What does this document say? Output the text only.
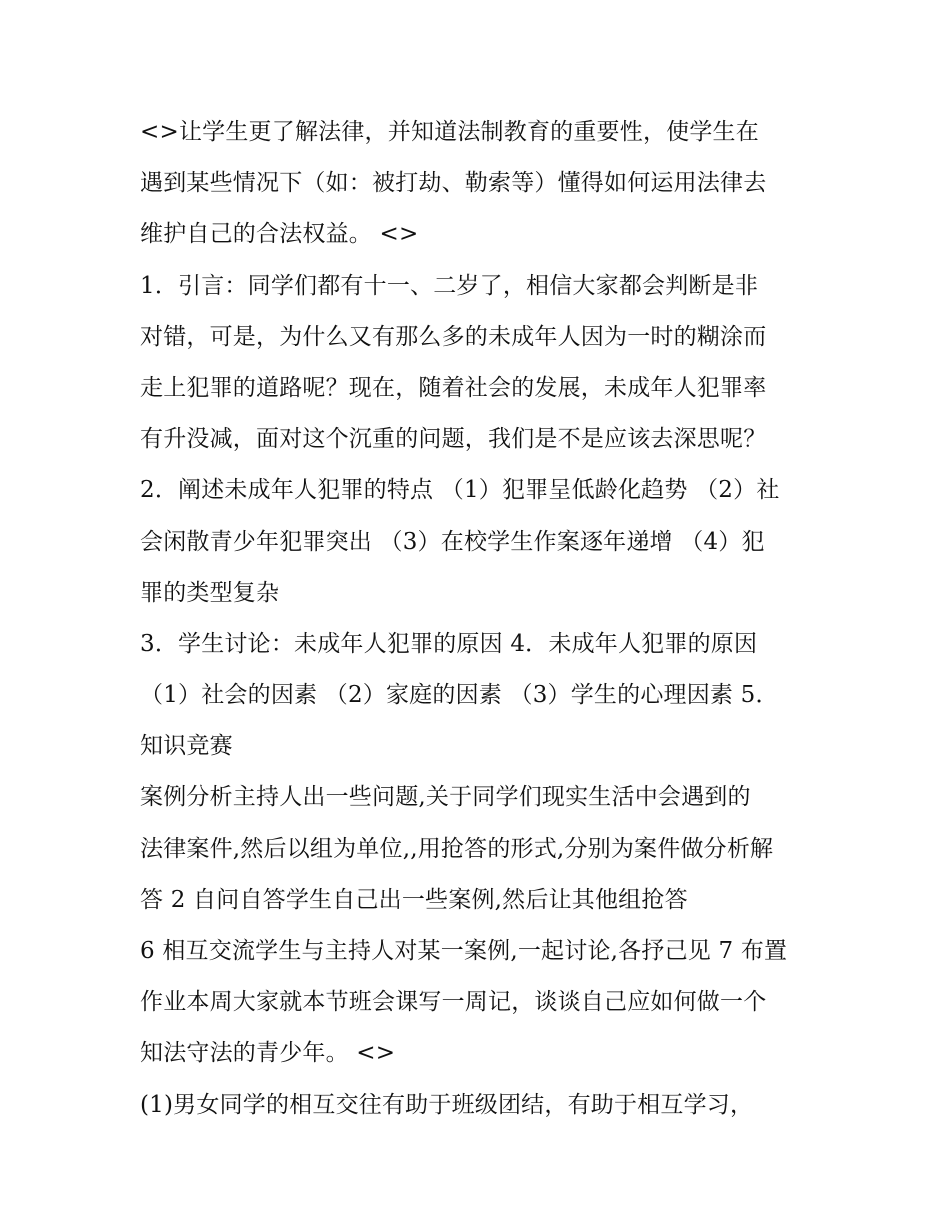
<>让学生更了解法律，并知道法制教育的重要性，使学生在
遇到某些情况下（如：被打劫、勒索等）懂得如何运用法律去
维护自己的合法权益。 <>
1．引言：同学们都有十一、二岁了，相信大家都会判断是非
对错，可是，为什么又有那么多的未成年人因为一时的糊涂而
走上犯罪的道路呢？现在，随着社会的发展，未成年人犯罪率
有升没减，面对这个沉重的问题，我们是不是应该去深思呢？
2．阐述未成年人犯罪的特点 （1）犯罪呈低龄化趋势 （2）社
会闲散青少年犯罪突出 （3）在校学生作案逐年递增 （4）犯
罪的类型复杂
3．学生讨论：未成年人犯罪的原因 4．未成年人犯罪的原因
（1）社会的因素 （2）家庭的因素 （3）学生的心理因素 5．
知识竞赛
案例分析主持人出一些问题,关于同学们现实生活中会遇到的
法律案件,然后以组为单位,,用抢答的形式,分别为案件做分析解
答 2 自问自答学生自己出一些案例,然后让其他组抢答
6 相互交流学生与主持人对某一案例,一起讨论,各抒己见 7 布置
作业本周大家就本节班会课写一周记，谈谈自己应如何做一个
知法守法的青少年。 <>
(1)男女同学的相互交往有助于班级团结，有助于相互学习，
